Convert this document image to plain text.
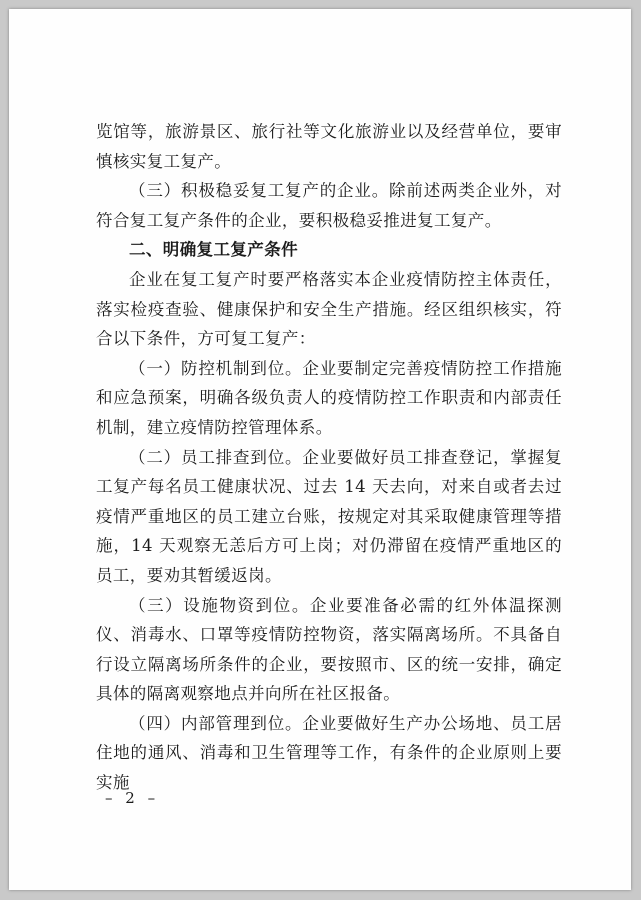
览馆等，旅游景区、旅行社等文化旅游业以及经营单位，要审慎核实复工复产。

（三）积极稳妥复工复产的企业。除前述两类企业外，对符合复工复产条件的企业，要积极稳妥推进复工复产。

二、明确复工复产条件

企业在复工复产时要严格落实本企业疫情防控主体责任，落实检疫查验、健康保护和安全生产措施。经区组织核实，符合以下条件，方可复工复产：

（一）防控机制到位。企业要制定完善疫情防控工作措施和应急预案，明确各级负责人的疫情防控工作职责和内部责任机制，建立疫情防控管理体系。

（二）员工排查到位。企业要做好员工排查登记，掌握复工复产每名员工健康状况、过去 14 天去向，对来自或者去过疫情严重地区的员工建立台账，按规定对其采取健康管理等措施，14 天观察无恙后方可上岗；对仍滞留在疫情严重地区的员工，要劝其暂缓返岗。

（三）设施物资到位。企业要准备必需的红外体温探测仪、消毒水、口罩等疫情防控物资，落实隔离场所。不具备自行设立隔离场所条件的企业，要按照市、区的统一安排，确定具体的隔离观察地点并向所在社区报备。

（四）内部管理到位。企业要做好生产办公场地、员工居住地的通风、消毒和卫生管理等工作，有条件的企业原则上要实施

– 2 –
